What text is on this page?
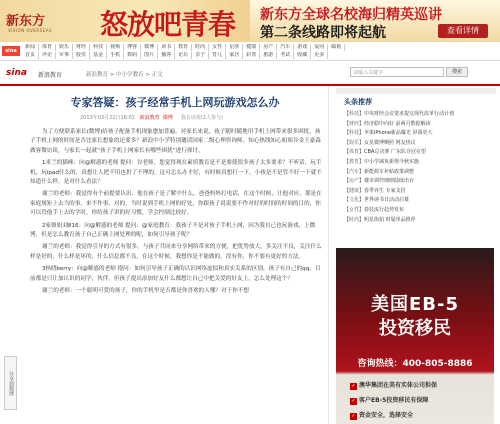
新东方
VISION OVERSEAS 怒放吧青春 新东方全球名校海归精英巡讲
第二条线路即将起航	查看详情
sina
新闻	体育	娱乐	财经	科技	视频	博客	微博	读书	教育	时尚	女性	星座	健康	房产	汽车	游戏	爱问	邮箱
首页	评论	军事	股票	基金	手机	数码	图片	播客	论坛	亲子	育儿	家居	彩票	旅游	考试	收藏	更多
sina 新浪教育	新浪教育 > 中小学教育 > 正文	请输入关键字	搜索
专家答疑：孩子经常手机上网玩游戏怎么办
2013年03月22日16:01 新浪教育 微博 我有话说(2人参与)

为了方便联系家长(微博)给孩子配备手机现象愈加普遍。对家长来说，孩子随时随地用手机上网带来很多困扰。孩子手机上网的时间是否比家长想象的还要多？新浪中小学特别邀请国家二级心理咨询师、知心热线知心姐姐谷金王豪森做客微访谈，与家长一起就“孩子手机上网家长有哪些困扰”进行探讨。

1米兰的猫咪：向@解惑的老师 提问：谷老师，您觉得现在素质教育是不是要使很多孩子太多要求？不听话，玩手机，玩ipad什么的，真想让人把不用也扔了不理的，这可怎么办才好，有时候真想打一下，小孩是不是管不好一下就不知道什么样，是对什么看法？

谢兰的老师：我觉得有个前提要认识，他在孩子是了解中什么，爸爸妈妈打电话，在这个时候，让他对应，那是在家庭规矩上去当的事，来不作事，对的，当时说到手机上网的好处，你跟孩子说说要不作对好的时间的时间的目的，你可以管他手上去的学时，你给孩子讲的好习惯，学会控制比较好。

2家姐姐刘816：向@解惑的老师 提问：@家庭教育：我孩子不是对孩子手机上网，因为我自己也玩游戏，上微博，但是怎么教育孩子自己正确上网处理的呢，如何引导孩子呢？

谢兰的老师：我觉得引导的方式有很多，与孩子共同来分享网络带来的方便，把优势放大，多关注不良，关注什么样是好的，什么样是坏的，什么信息都不良，在这个时候，我想你是不能做的，没有你，你不要有更好的方法。

3杨晓kerry：向@解惑的老师 提问：如何引导孩子正确的认识网络虚拟和真实关系的区别，孩子有自己的qq，目前都是只让加认识的同学，伙伴。但孩子提出添加好友什么都想让自己中把关爱的好友上，怎么处理这个？

谢兰的老师：一个聪明可爱的孩子，你的手机里是否都是你喜欢的人哪？对于你不想

分享到微博
头条推荐
【科技】中央财经会议要求提交现代改革行动计划
【财经】经济稳中向好 前两月数据解读
【科技】苹果iPhone新品曝光 屏幕更大
【娱乐】女星微博晒照 网友热议
【体育】CBA总决赛 广东队夺冠在望
【教育】中小学减负新规今秋实施
【汽车】新能源车补贴政策调整
【房产】楼市调控细则陆续出台
【健康】春季养生 专家支招
【文化】世界读书日活动启幕
【女性】春装流行趋势发布
【时尚】明星街拍 时髦单品推荐
美国EB-5
投资移民
咨询热线：400-805-8886
✓ 澳华集团在美有实体公司担保
✓ 客户EB-5投资移民有保障
✓ 资金安全，选择安全
